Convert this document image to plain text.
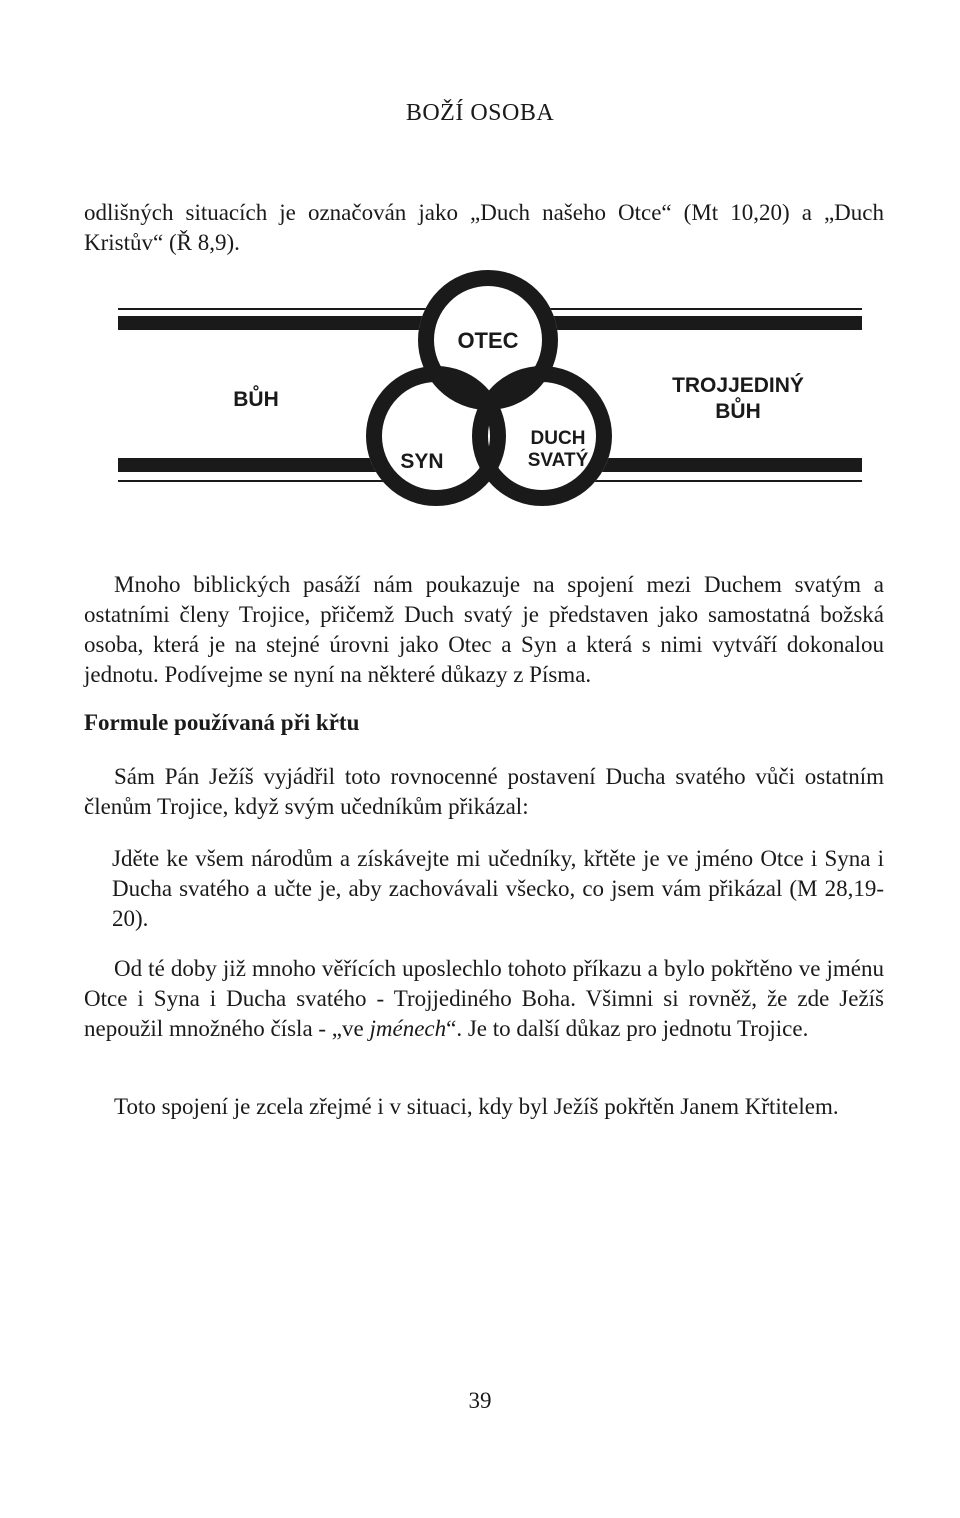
BOŽÍ OSOBA
odlišných situacích je označován jako „Duch našeho Otce“ (Mt 10,20) a „Duch Kristův“ (Ř 8,9).
BŮH
TROJJEDINÝ
BŮH
OTEC
SYN
DUCH
SVATÝ
Mnoho biblických pasáží nám poukazuje na spojení mezi Duchem svatým a ostatními členy Trojice, přičemž Duch svatý je představen jako samostatná božská osoba, která je na stejné úrovni jako Otec a Syn a která s nimi vytváří dokonalou jednotu. Podívejme se nyní na některé důkazy z Písma.
Formule používaná při křtu
Sám Pán Ježíš vyjádřil toto rovnocenné postavení Ducha svatého vůči ostatním členům Trojice, když svým učedníkům přikázal:
Jděte ke všem národům a získávejte mi učedníky, křtěte je ve jméno Otce i Syna i Ducha svatého a učte je, aby zachovávali všecko, co jsem vám přikázal (M 28,19-20).
Od té doby již mnoho věřících uposlechlo tohoto příkazu a bylo pokřtěno ve jménu Otce i Syna i Ducha svatého - Trojjediného Boha. Všimni si rovněž, že zde Ježíš nepoužil množného čísla - „ve jménech“. Je to další důkaz pro jednotu Trojice.
Toto spojení je zcela zřejmé i v situaci, kdy byl Ježíš pokřtěn Janem Křtitelem.
39
